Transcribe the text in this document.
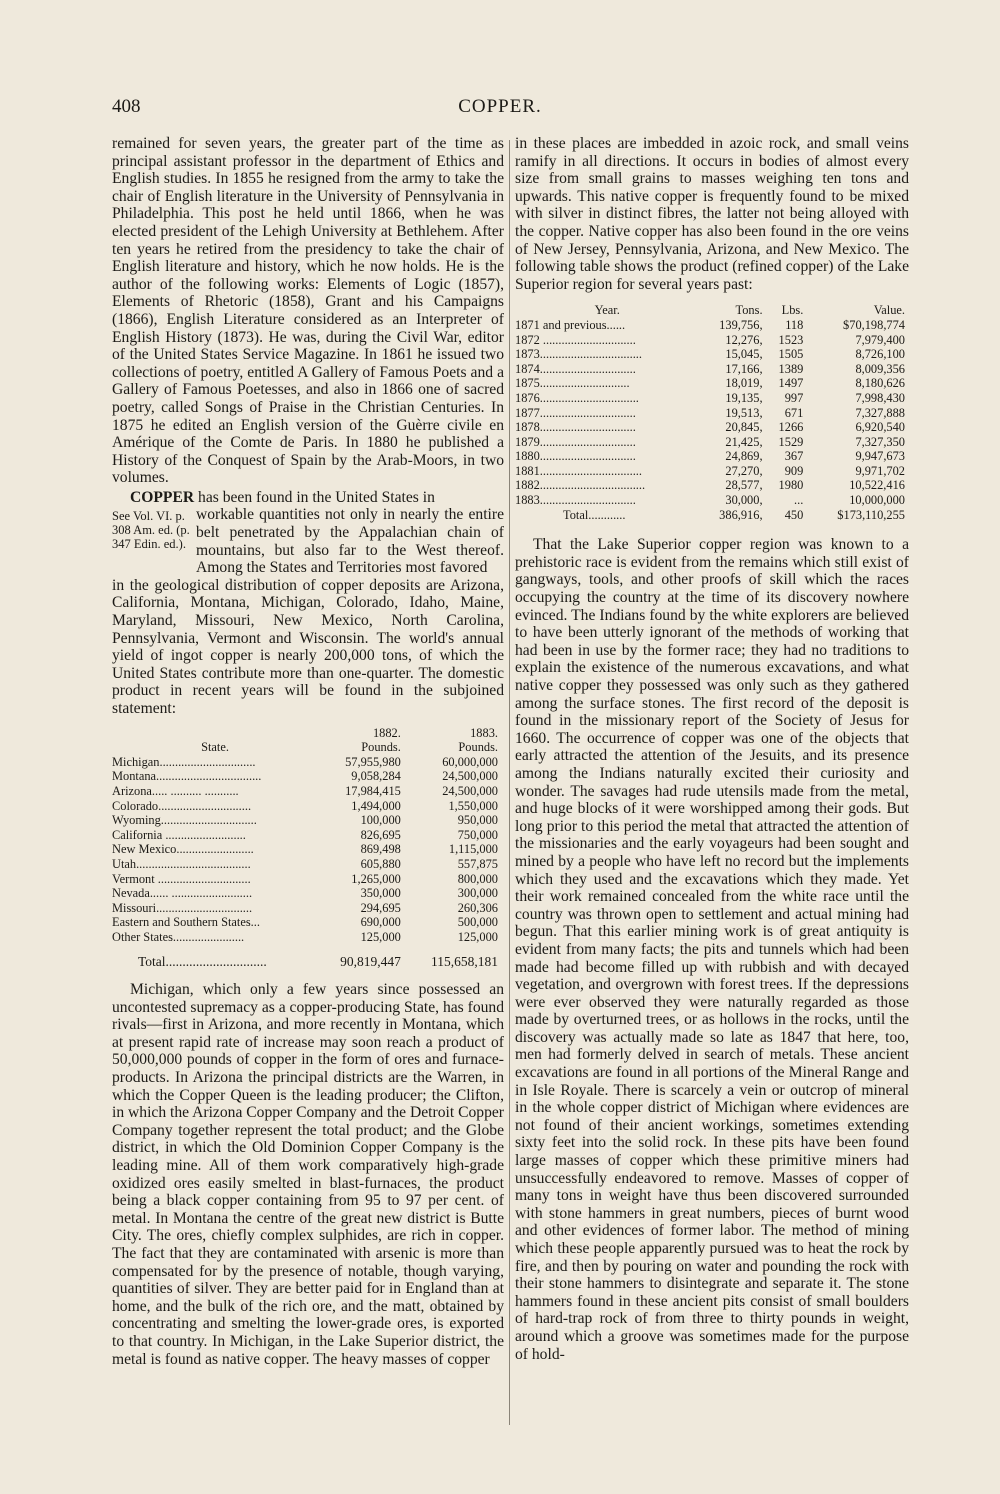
408	COPPER.

remained for seven years, the greater part of the time as principal assistant professor in the department of Ethics and English studies. In 1855 he resigned from the army to take the chair of English literature in the University of Pennsylvania in Philadelphia. This post he held until 1866, when he was elected president of the Lehigh University at Bethlehem. After ten years he retired from the presidency to take the chair of English literature and history, which he now holds. He is the author of the following works: Elements of Logic (1857), Elements of Rhetoric (1858), Grant and his Campaigns (1866), English Literature considered as an Interpreter of English History (1873). He was, during the Civil War, editor of the United States Service Magazine. In 1861 he issued two collections of poetry, entitled A Gallery of Famous Poets and a Gallery of Famous Poetesses, and also in 1866 one of sacred poetry, called Songs of Praise in the Christian Centuries. In 1875 he edited an English version of the Guèrre civile en Amérique of the Comte de Paris. In 1880 he published a History of the Conquest of Spain by the Arab-Moors, in two volumes.

COPPER has been found in the United States in

See Vol. VI. p. 308 Am. ed. (p. 347 Edin. ed.).
workable quantities not only in nearly the entire belt penetrated by the Appalachian chain of mountains, but also far to the West thereof. Among the States and Territories most favored

in the geological distribution of copper deposits are Arizona, California, Montana, Michigan, Colorado, Idaho, Maine, Maryland, Missouri, New Mexico, North Carolina, Pennsylvania, Vermont and Wisconsin. The world's annual yield of ingot copper is nearly 200,000 tons, of which the United States contribute more than one-quarter. The domestic product in recent years will be found in the subjoined statement:

	1882.	1883.
State.	Pounds.	Pounds.
Michigan...............................	57,955,980	60,000,000
Montana..................................	9,058,284	24,500,000
Arizona..... .......... ...........	17,984,415	24,500,000
Colorado..............................	1,494,000	1,550,000
Wyoming...............................	100,000	950,000
California ..........................	826,695	750,000
New Mexico.........................	869,498	1,115,000
Utah.....................................	605,880	557,875
Vermont ..............................	1,265,000	800,000
Nevada...... ..........................	350,000	300,000
Missouri...............................	294,695	260,306
Eastern and Southern States...	690,000	500,000
Other States.......................	125,000	125,000
Total..............................	90,819,447	115,658,181

Michigan, which only a few years since possessed an uncontested supremacy as a copper-producing State, has found rivals—first in Arizona, and more recently in Montana, which at present rapid rate of increase may soon reach a product of 50,000,000 pounds of copper in the form of ores and furnace-products. In Arizona the principal districts are the Warren, in which the Copper Queen is the leading producer; the Clifton, in which the Arizona Copper Company and the Detroit Copper Company together represent the total product; and the Globe district, in which the Old Dominion Copper Company is the leading mine. All of them work comparatively high-grade oxidized ores easily smelted in blast-furnaces, the product being a black copper containing from 95 to 97 per cent. of metal. In Montana the centre of the great new district is Butte City. The ores, chiefly complex sulphides, are rich in copper. The fact that they are contaminated with arsenic is more than compensated for by the presence of notable, though varying, quantities of silver. They are better paid for in England than at home, and the bulk of the rich ore, and the matt, obtained by concentrating and smelting the lower-grade ores, is exported to that country. In Michigan, in the Lake Superior district, the metal is found as native copper. The heavy masses of copper

in these places are imbedded in azoic rock, and small veins ramify in all directions. It occurs in bodies of almost every size from small grains to masses weighing ten tons and upwards. This native copper is frequently found to be mixed with silver in distinct fibres, the latter not being alloyed with the copper. Native copper has also been found in the ore veins of New Jersey, Pennsylvania, Arizona, and New Mexico. The following table shows the product (refined copper) of the Lake Superior region for several years past:

Year.	Tons.	Lbs.	Value.
1871 and previous......	139,756,	118	$70,198,774
1872 ..............................	12,276,	1523	7,979,400
1873.................................	15,045,	1505	8,726,100
1874...............................	17,166,	1389	8,009,356
1875.............................	18,019,	1497	8,180,626
1876................................	19,135,	997	7,998,430
1877...............................	19,513,	671	7,327,888
1878...............................	20,845,	1266	6,920,540
1879...............................	21,425,	1529	7,327,350
1880...............................	24,869,	367	9,947,673
1881.................................	27,270,	909	9,971,702
1882..................................	28,577,	1980	10,522,416
1883...............................	30,000,	...	10,000,000
Total............	386,916,	450	$173,110,255

That the Lake Superior copper region was known to a prehistoric race is evident from the remains which still exist of gangways, tools, and other proofs of skill which the races occupying the country at the time of its discovery nowhere evinced. The Indians found by the white explorers are believed to have been utterly ignorant of the methods of working that had been in use by the former race; they had no traditions to explain the existence of the numerous excavations, and what native copper they possessed was only such as they gathered among the surface stones. The first record of the deposit is found in the missionary report of the Society of Jesus for 1660. The occurrence of copper was one of the objects that early attracted the attention of the Jesuits, and its presence among the Indians naturally excited their curiosity and wonder. The savages had rude utensils made from the metal, and huge blocks of it were worshipped among their gods. But long prior to this period the metal that attracted the attention of the missionaries and the early voyageurs had been sought and mined by a people who have left no record but the implements which they used and the excavations which they made. Yet their work remained concealed from the white race until the country was thrown open to settlement and actual mining had begun. That this earlier mining work is of great antiquity is evident from many facts; the pits and tunnels which had been made had become filled up with rubbish and with decayed vegetation, and overgrown with forest trees. If the depressions were ever observed they were naturally regarded as those made by overturned trees, or as hollows in the rocks, until the discovery was actually made so late as 1847 that here, too, men had formerly delved in search of metals. These ancient excavations are found in all portions of the Mineral Range and in Isle Royale. There is scarcely a vein or outcrop of mineral in the whole copper district of Michigan where evidences are not found of their ancient workings, sometimes extending sixty feet into the solid rock. In these pits have been found large masses of copper which these primitive miners had unsuccessfully endeavored to remove. Masses of copper of many tons in weight have thus been discovered surrounded with stone hammers in great numbers, pieces of burnt wood and other evidences of former labor. The method of mining which these people apparently pursued was to heat the rock by fire, and then by pouring on water and pounding the rock with their stone hammers to disintegrate and separate it. The stone hammers found in these ancient pits consist of small boulders of hard-trap rock of from three to thirty pounds in weight, around which a groove was sometimes made for the purpose of hold-
